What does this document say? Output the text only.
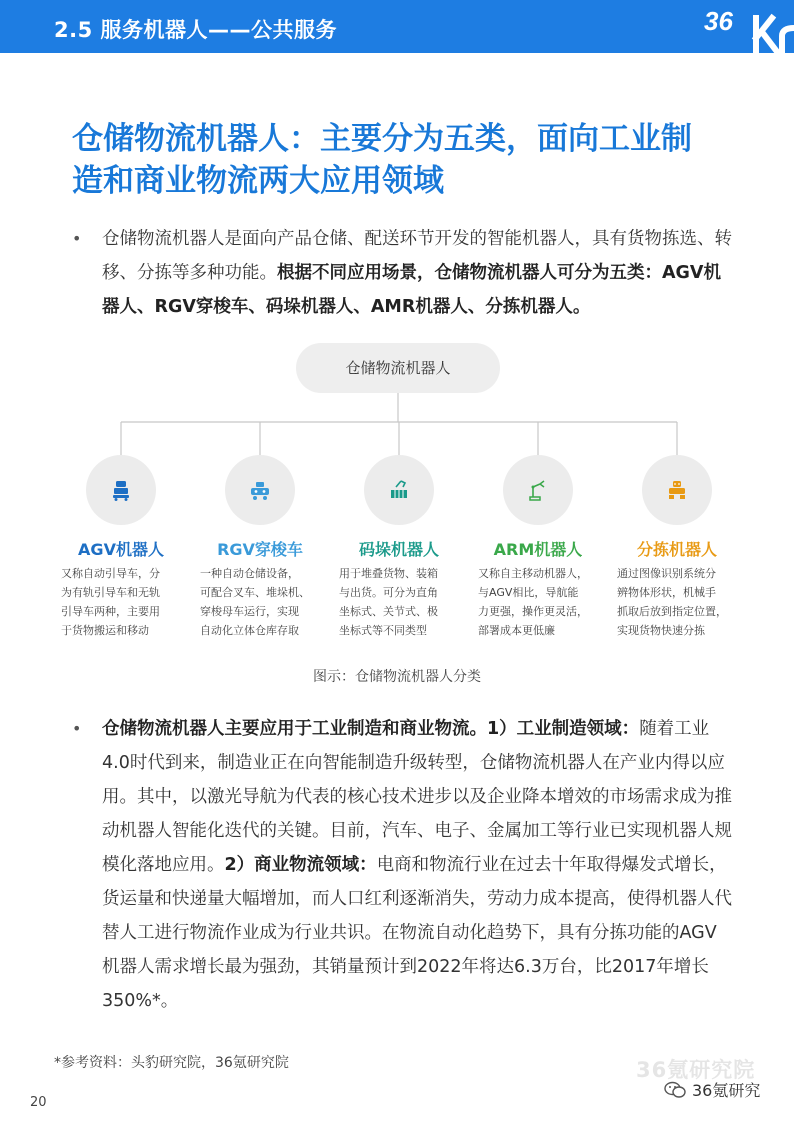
2.5 服务机器人——公共服务	36
仓储物流机器人：主要分为五类，面向工业制
造和商业物流两大应用领域
• 仓储物流机器人是面向产品仓储、配送环节开发的智能机器人，具有货物拣选、转移、分拣等多种功能。根据不同应用场景，仓储物流机器人可分为五类：AGV机器人、RGV穿梭车、码垛机器人、AMR机器人、分拣机器人。
仓储物流机器人
AGV机器人
又称自动引导车，分
为有轨引导车和无轨
引导车两种，主要用
于货物搬运和移动
RGV穿梭车
一种自动仓储设备，
可配合叉车、堆垛机、
穿梭母车运行，实现
自动化立体仓库存取
码垛机器人
用于堆叠货物、装箱
与出货。可分为直角
坐标式、关节式、极
坐标式等不同类型
ARM机器人
又称自主移动机器人，
与AGV相比，导航能
力更强，操作更灵活，
部署成本更低廉
分拣机器人
通过图像识别系统分
辨物体形状，机械手
抓取后放到指定位置，
实现货物快速分拣
图示：仓储物流机器人分类
• 仓储物流机器人主要应用于工业制造和商业物流。1）工业制造领域：随着工业4.0时代到来，制造业正在向智能制造升级转型，仓储物流机器人在产业内得以应用。其中，以激光导航为代表的核心技术进步以及企业降本增效的市场需求成为推动机器人智能化迭代的关键。目前，汽车、电子、金属加工等行业已实现机器人规模化落地应用。2）商业物流领域：电商和物流行业在过去十年取得爆发式增长，货运量和快递量大幅增加，而人口红利逐渐消失，劳动力成本提高，使得机器人代替人工进行物流作业成为行业共识。在物流自动化趋势下，具有分拣功能的AGV机器人需求增长最为强劲，其销量预计到2022年将达6.3万台，比2017年增长350%*。
*参考资料：头豹研究院，36氪研究院	36氪研究院
36氪研究
20
